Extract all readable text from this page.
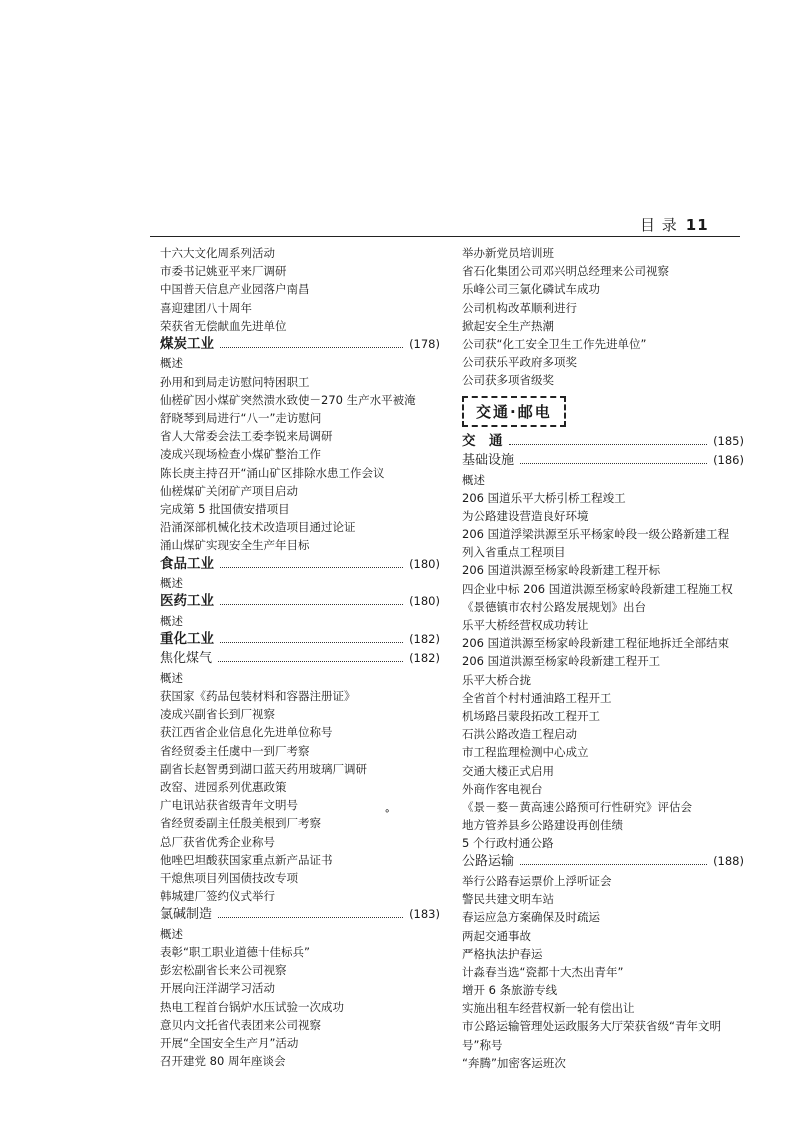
目 录 11
∘
十六大文化周系列活动
市委书记姚亚平来厂调研
中国普天信息产业园落户南昌
喜迎建团八十周年
荣获省无偿献血先进单位
煤炭工业	(178)
概述
孙用和到局走访慰问特困职工
仙槎矿因小煤矿突然溃水致使－270 生产水平被淹
舒晓琴到局进行“八一”走访慰问
省人大常委会法工委李锐来局调研
凌成兴现场检查小煤矿整治工作
陈长庚主持召开“涌山矿区排除水患工作会议
仙槎煤矿关闭矿产项目启动
完成第 5 批国债安措项目
沿涌深部机械化技术改造项目通过论证
涌山煤矿实现安全生产年目标
食品工业	(180)
概述
医药工业	(180)
概述
重化工业	(182)
焦化煤气	(182)
概述
获国家《药品包装材料和容器注册证》
凌成兴副省长到厂视察
获江西省企业信息化先进单位称号
省经贸委主任虞中一到厂考察
副省长赵智勇到湖口蓝天药用玻璃厂调研
改窑、进园系列优惠政策
广电讯站获省级青年文明号
省经贸委副主任殷美根到厂考察
总厂获省优秀企业称号
他唑巴坦酸获国家重点新产品证书
干熄焦项目列国债技改专项
韩城建厂签约仪式举行
氯碱制造	(183)
概述
表彰“职工职业道德十佳标兵”
彭宏松副省长来公司视察
开展向汪洋湖学习活动
热电工程首台锅炉水压试验一次成功
意贝内文托省代表团来公司视察
开展“全国安全生产月”活动
召开建党 80 周年座谈会
举办新党员培训班
省石化集团公司邓兴明总经理来公司视察
乐峰公司三氯化磷试车成功
公司机构改革顺利进行
掀起安全生产热潮
公司获“化工安全卫生工作先进单位”
公司获乐平政府多项奖
公司获多项省级奖
交通·邮电
交　通	(185)
基础设施	(186)
概述
206 国道乐平大桥引桥工程竣工
为公路建设营造良好环境
206 国道浮梁洪源至乐平杨家岭段一级公路新建工程
列入省重点工程项目
206 国道洪源至杨家岭段新建工程开标
四企业中标 206 国道洪源至杨家岭段新建工程施工权
《景德镇市农村公路发展规划》出台
乐平大桥经营权成功转让
206 国道洪源至杨家岭段新建工程征地拆迁全部结束
206 国道洪源至杨家岭段新建工程开工
乐平大桥合拢
全省首个村村通油路工程开工
机场路吕蒙段拓改工程开工
石洪公路改造工程启动
市工程监理检测中心成立
交通大楼正式启用
外商作客电视台
《景－婺－黄高速公路预可行性研究》评估会
地方管养县乡公路建设再创佳绩
5 个行政村通公路
公路运输	(188)
举行公路春运票价上浮听证会
警民共建文明车站
春运应急方案确保及时疏运
两起交通事故
严格执法护春运
计淼春当选“瓷都十大杰出青年”
增开 6 条旅游专线
实施出租车经营权新一轮有偿出让
市公路运输管理处运政服务大厅荣获省级“青年文明号”称号
“奔腾”加密客运班次
